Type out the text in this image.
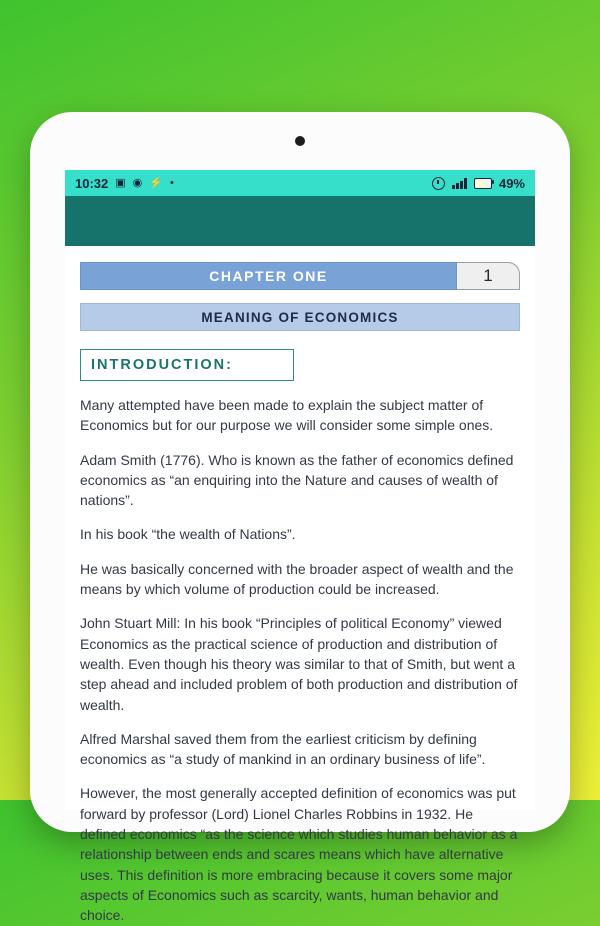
10:32 ▣ ◉ ⚡ •	49%
CHAPTER ONE	1
MEANING OF ECONOMICS
INTRODUCTION:

Many attempted have been made to explain the subject matter of Economics but for our purpose we will consider some simple ones.

Adam Smith (1776). Who is known as the father of economics defined economics as “an enquiring into the Nature and causes of wealth of nations”.

In his book “the wealth of Nations”.

He was basically concerned with the broader aspect of wealth and the means by which volume of production could be increased.

John Stuart Mill: In his book “Principles of political Economy” viewed Economics as the practical science of production and distribution of wealth. Even though his theory was similar to that of Smith, but went a step ahead and included problem of both production and distribution of wealth.

Alfred Marshal saved them from the earliest criticism by defining economics as “a study of mankind in an ordinary business of life”.

However, the most generally accepted definition of economics was put forward by professor (Lord) Lionel Charles Robbins in 1932. He defined economics “as the science which studies human behavior as a relationship between ends and scares means which have alternative uses. This definition is more embracing because it covers some major aspects of Economics such as scarcity, wants, human behavior and choice.
